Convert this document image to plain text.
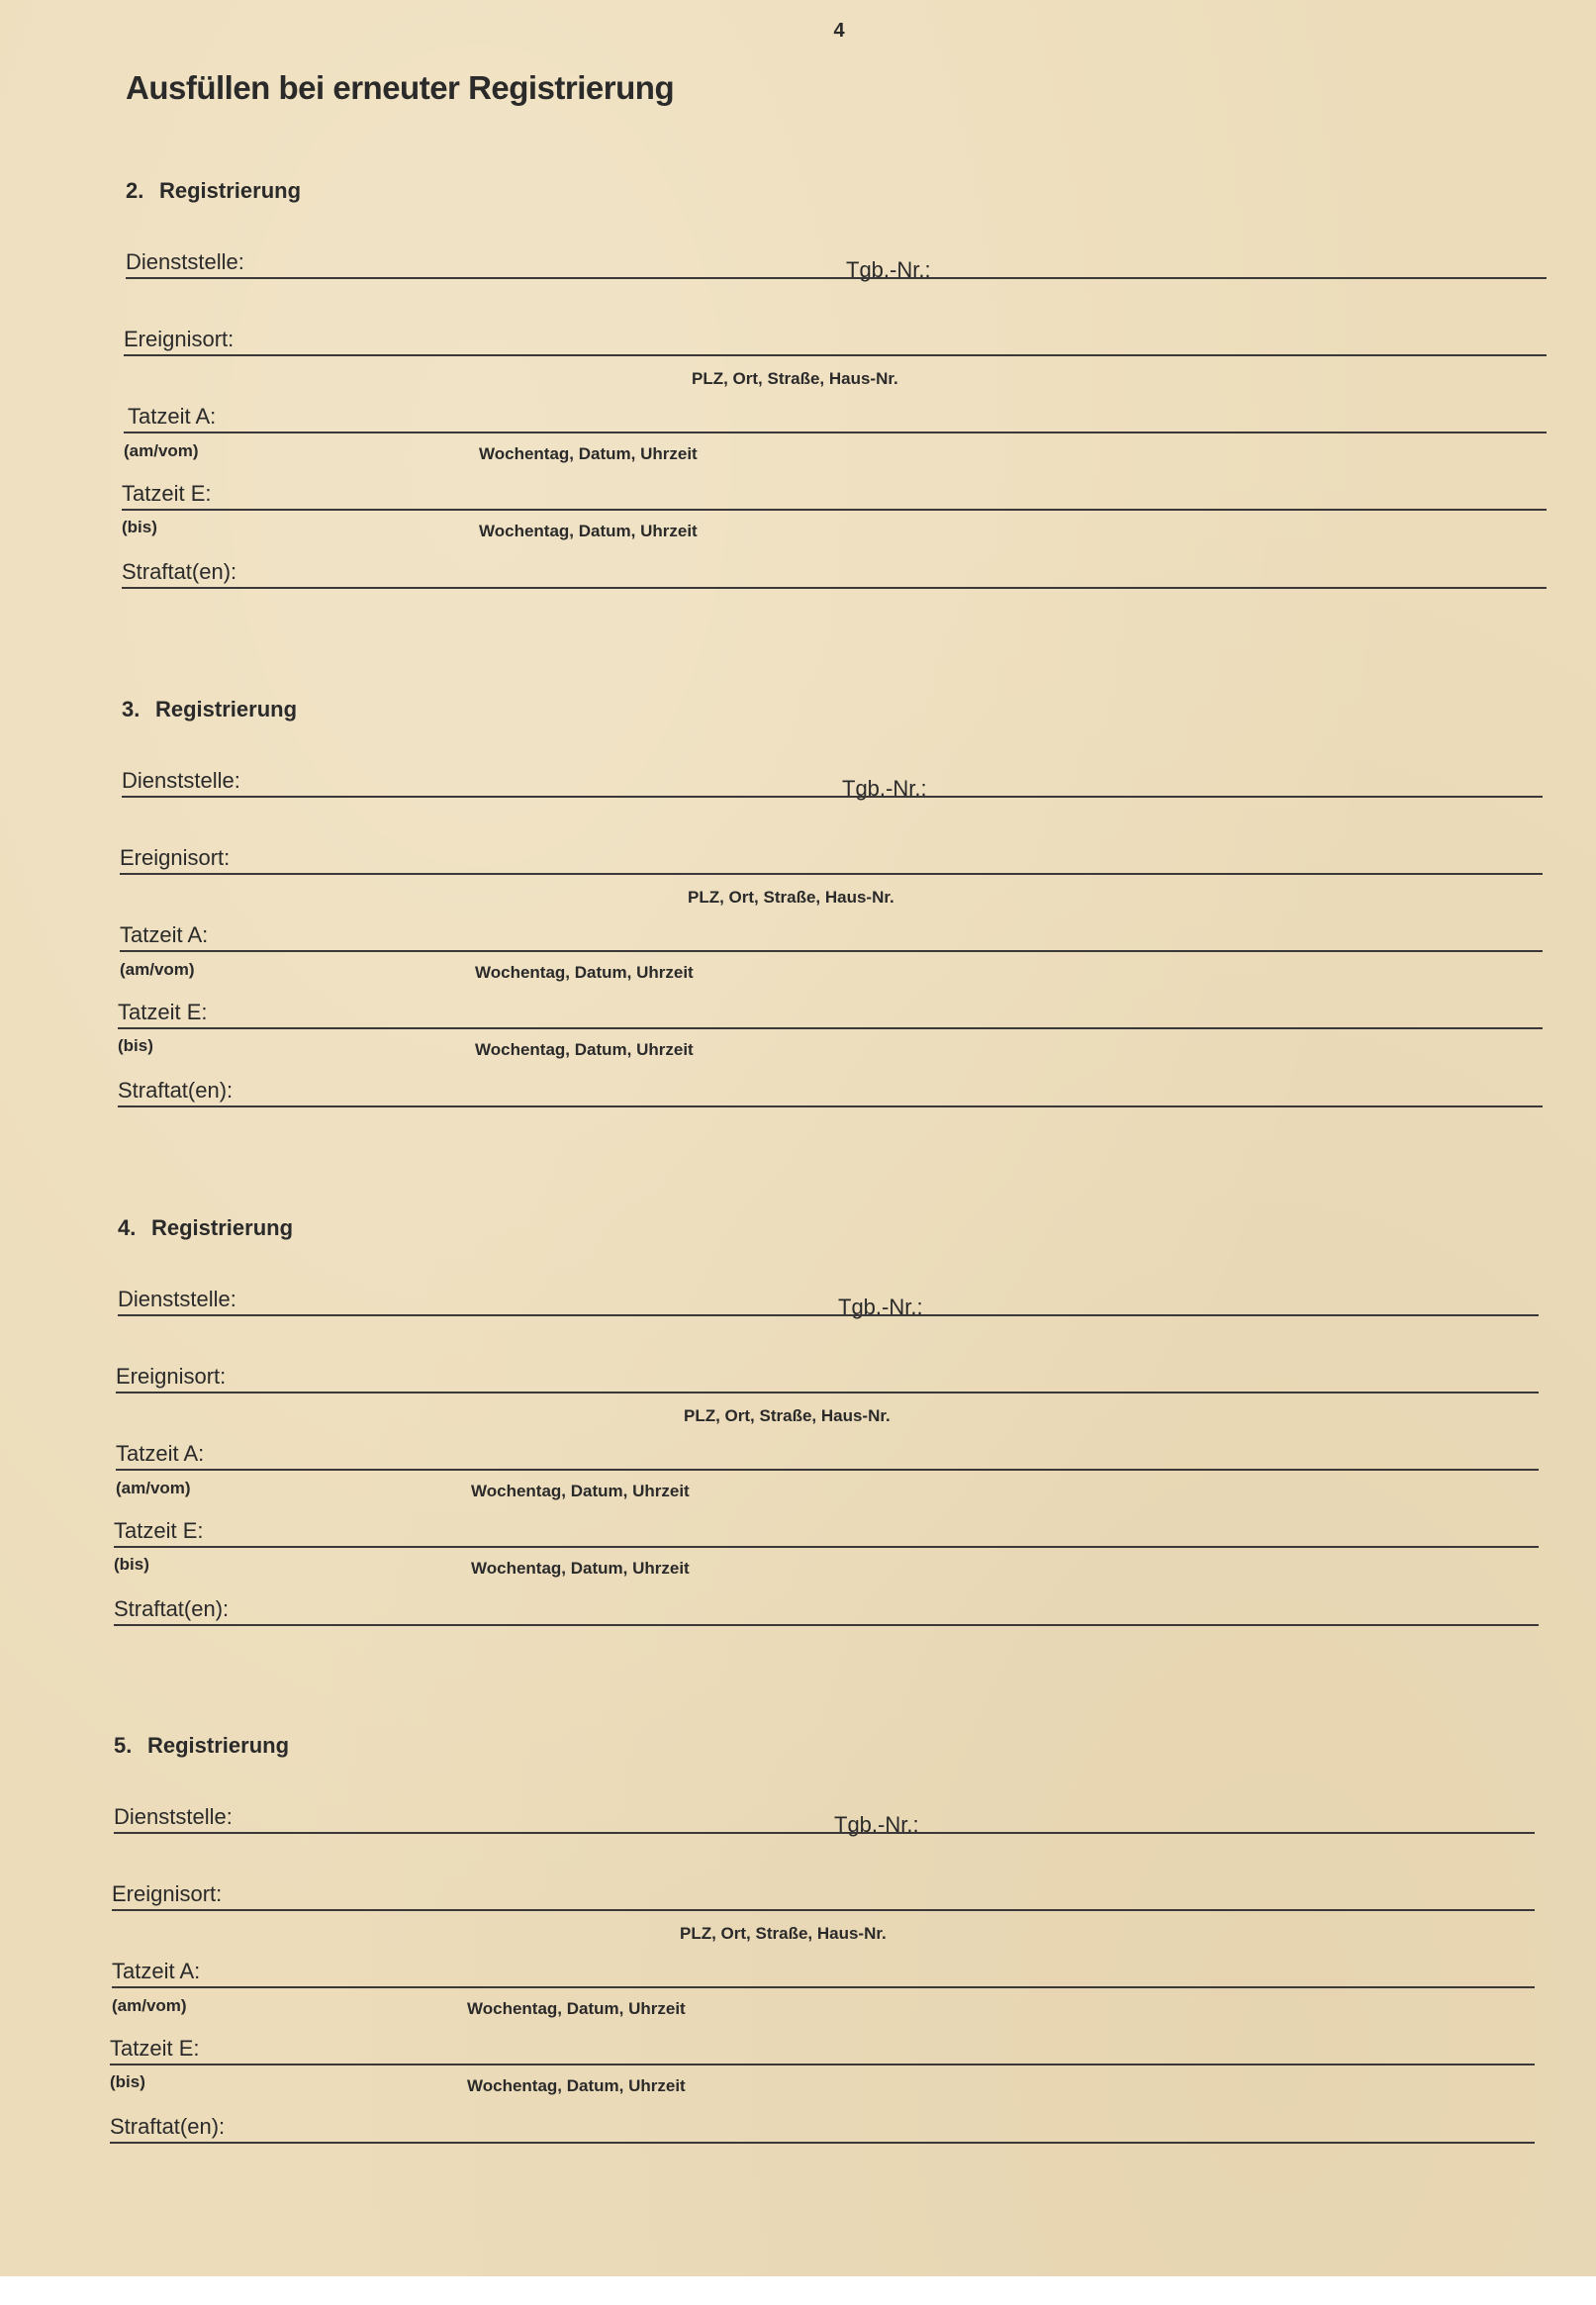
4
Ausfüllen bei erneuter Registrierung
2. Registrierung
Dienststelle:	Tgb.-Nr.:
Ereignisort:
PLZ, Ort, Straße, Haus-Nr.
Tatzeit A:
(am/vom)	Wochentag, Datum, Uhrzeit
Tatzeit E:
(bis)	Wochentag, Datum, Uhrzeit
Straftat(en):
3. Registrierung
Dienststelle:	Tgb.-Nr.:
Ereignisort:
PLZ, Ort, Straße, Haus-Nr.
Tatzeit A:
(am/vom)	Wochentag, Datum, Uhrzeit
Tatzeit E:
(bis)	Wochentag, Datum, Uhrzeit
Straftat(en):
4. Registrierung
Dienststelle:	Tgb.-Nr.:
Ereignisort:
PLZ, Ort, Straße, Haus-Nr.
Tatzeit A:
(am/vom)	Wochentag, Datum, Uhrzeit
Tatzeit E:
(bis)	Wochentag, Datum, Uhrzeit
Straftat(en):
5. Registrierung
Dienststelle:	Tgb.-Nr.:
Ereignisort:
PLZ, Ort, Straße, Haus-Nr.
Tatzeit A:
(am/vom)	Wochentag, Datum, Uhrzeit
Tatzeit E:
(bis)	Wochentag, Datum, Uhrzeit
Straftat(en):
